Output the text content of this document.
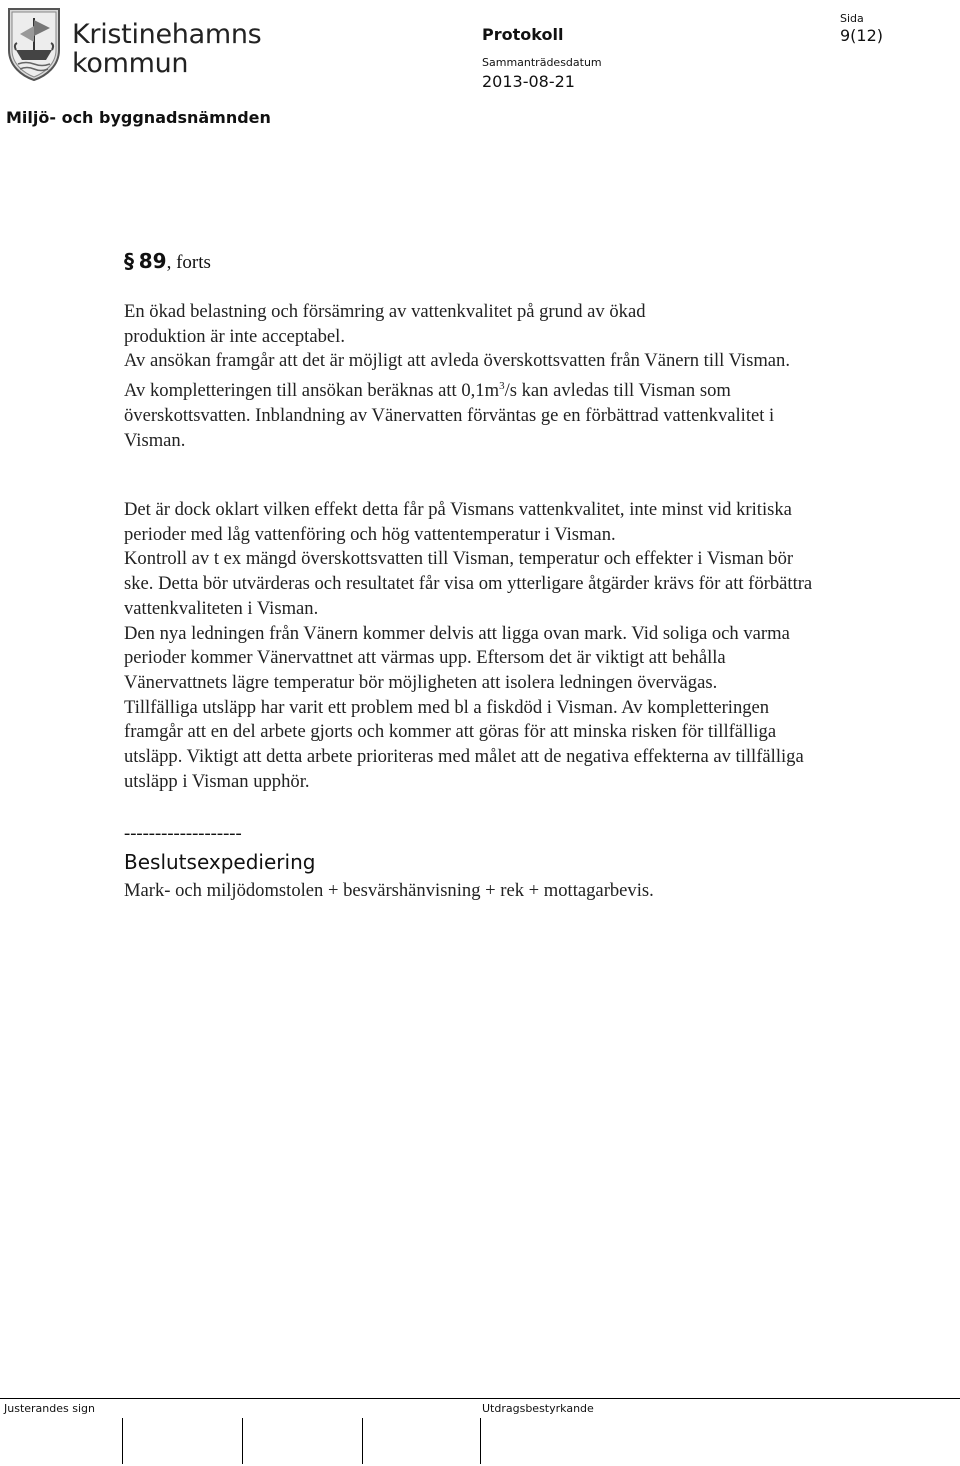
Kristinehamns
kommun
Miljö- och byggnadsnämnden
Protokoll
Sammanträdesdatum
2013-08-21
Sida
9(12)
§ 89, forts

En ökad belastning och försämring av vattenkvalitet på grund av ökad
produktion är inte acceptabel.

Av ansökan framgår att det är möjligt att avleda överskottsvatten från Vänern till Visman.

Av kompletteringen till ansökan beräknas att $0,1m^3/s$ kan avledas till Visman som överskottsvatten. Inblandning av Vänervatten förväntas ge en förbättrad vattenkvalitet i Visman.

Det är dock oklart vilken effekt detta får på Vismans vattenkvalitet, inte minst vid kritiska perioder med låg vattenföring och hög vattentemperatur i Visman.

Kontroll av t ex mängd överskottsvatten till Visman, temperatur och effekter i Visman bör ske. Detta bör utvärderas och resultatet får visa om ytterligare åtgärder krävs för att förbättra vattenkvaliteten i Visman.

Den nya ledningen från Vänern kommer delvis att ligga ovan mark. Vid soliga och varma perioder kommer Vänervattnet att värmas upp. Eftersom det är viktigt att behålla Vänervattnets lägre temperatur bör möjligheten att isolera ledningen övervägas.

Tillfälliga utsläpp har varit ett problem med bl a fiskdöd i Visman. Av kompletteringen framgår att en del arbete gjorts och kommer att göras för att minska risken för tillfälliga utsläpp. Viktigt att detta arbete prioriteras med målet att de negativa effekterna av tillfälliga utsläpp i Visman upphör.

-------------------
Beslutsexpediering
Mark- och miljödomstolen + besvärshänvisning + rek + mottagarbevis.
Justerandes sign	Utdragsbestyrkande
